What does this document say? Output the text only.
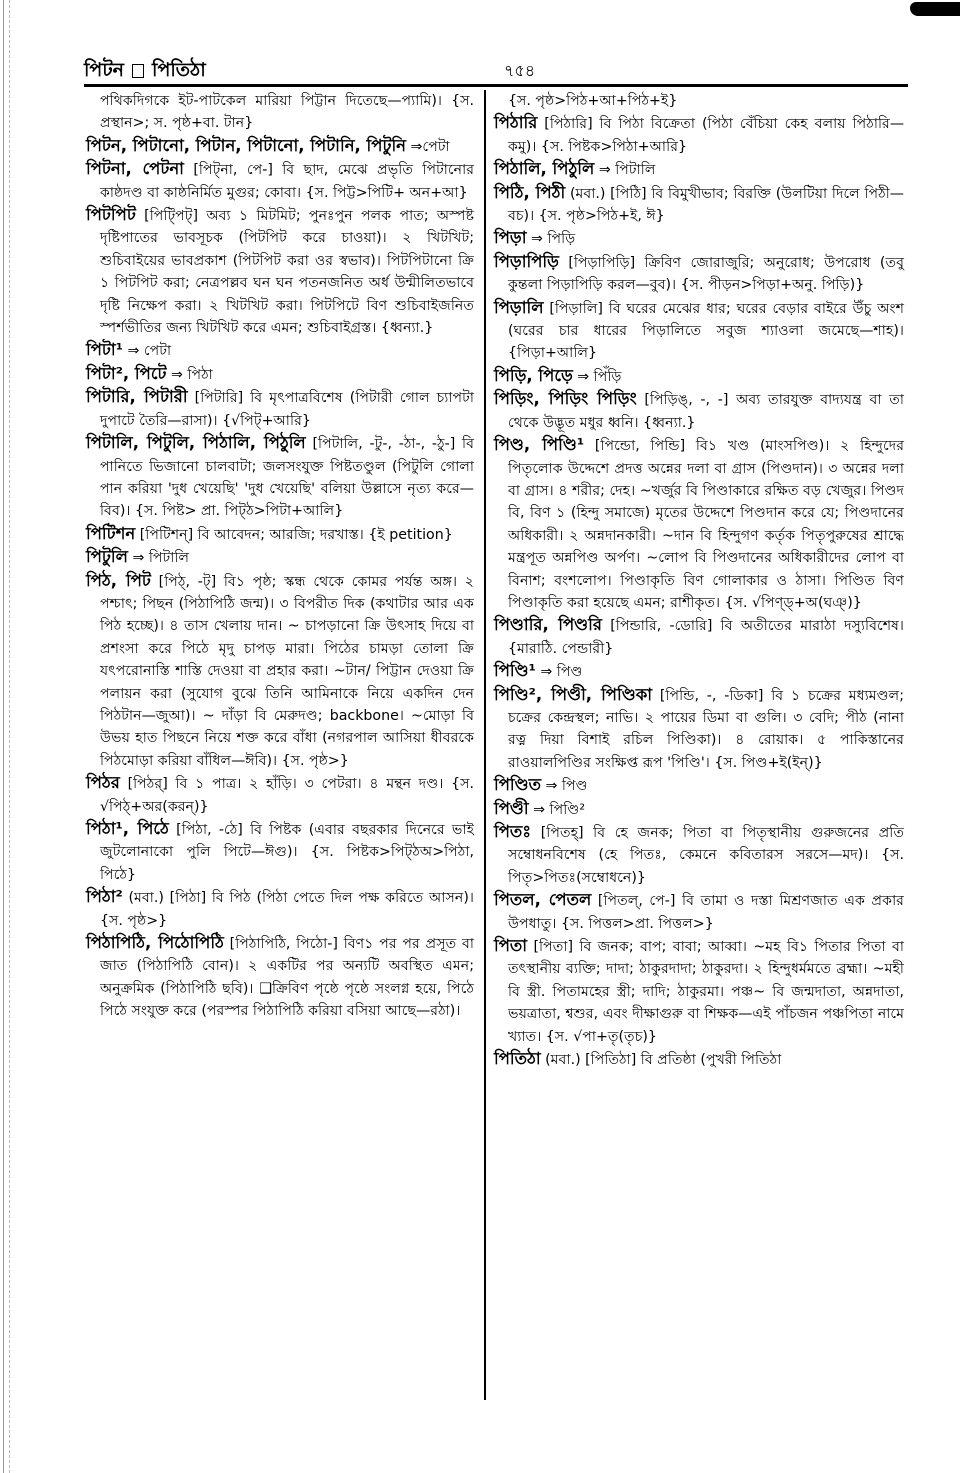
পিটন পিতিঠা	৭৫৪

পথিকদিগকে ইট-পাটকেল মারিয়া পিট্টান দিতেছে—প্যামি)। {স. প্রস্থান>; স. পৃষ্ঠ+বা. টান}

পিটন, পিটানো, পিটান, পিটানো, পিটানি, পিটুনি ⇒পেটা

পিটনা, পেটনা [পিট্না, পে-] বি ছাদ, মেঝে প্রভৃতি পিটানোর কাষ্ঠদণ্ড বা কাষ্ঠনির্মিত মুগুর; কোবা। {স. পিট্ট>পিটি+ অন+আ}

পিটপিট [পিট্পিট্] অব্য ১ মিটমিট; পুনঃপুন পলক পাত; অস্পষ্ট দৃষ্টিপাতের ভাবসূচক (পিটপিট করে চাওয়া)। ২ খিটখিট; শুচিবাইয়ের ভাবপ্রকাশ (পিটপিট করা ওর স্বভাব)। পিটপিটানো ক্রি ১ পিটপিট করা; নেত্রপল্লব ঘন ঘন পতনজনিত অর্ধ উন্মীলিতভাবে দৃষ্টি নিক্ষেপ করা। ২ খিটখিট করা। পিটপিটে বিণ শুচিবাইজনিত স্পর্শভীতির জন্য খিটখিট করে এমন; শুচিবাইগ্রস্ত। {ধ্বন্যা.}

পিটা¹ ⇒ পেটা

পিটা², পিটে ⇒ পিঠা

পিটারি, পিটারী [পিটারি] বি মৃৎপাত্রবিশেষ (পিটারী গোল চ্যাপটা দুপাটে তৈরি—রাসা)। {√পিট্+আরি}

পিটালি, পিটুলি, পিঠালি, পিঠুলি [পিটালি, -টু-, -ঠা-, -ঠু-] বি পানিতে ভিজানো চালবাটা; জলসংযুক্ত পিষ্টতণ্ডুল (পিটুলি গোলা পান করিয়া 'দুধ খেয়েছি' 'দুধ খেয়েছি' বলিয়া উল্লাসে নৃত্য করে—বিব)। {স. পিষ্ট> প্রা. পিট্ঠ>পিটা+আলি}

পিটিশন [পিটিশন্] বি আবেদন; আরজি; দরখাস্ত। {ই petition}

পিটুলি ⇒ পিটালি

পিঠ, পিট [পিঠ্, -ট্] বি১ পৃষ্ঠ; স্কন্ধ থেকে কোমর পর্যন্ত অঙ্গ। ২ পশ্চাৎ; পিছন (পিঠাপিঠি জন্ম)। ৩ বিপরীত দিক (কথাটার আর এক পিঠ হচ্ছে)। ৪ তাস খেলায় দান। ~ চাপড়ানো ক্রি উৎসাহ দিয়ে বা প্রশংসা করে পিঠে মৃদু চাপড় মারা। পিঠের চামড়া তোলা ক্রি যৎপরোনাস্তি শাস্তি দেওয়া বা প্রহার করা। ~টান/ পিট্টান দেওয়া ক্রি পলায়ন করা (সুযোগ বুঝে তিনি আমিনাকে নিয়ে একদিন দেন পিঠটান—জুআ)। ~ দাঁড়া বি মেরুদণ্ড; backbone। ~মোড়া বি উভয় হাত পিছনে নিয়ে শক্ত করে বাঁধা (নগরপাল আসিয়া ধীবরকে পিঠমোড়া করিয়া বাঁধিল—ঈবি)। {স. পৃষ্ঠ>}

পিঠর [পিঠর্] বি ১ পাত্র। ২ হাঁড়ি। ৩ পেটরা। ৪ মন্থন দণ্ড। {স. √পিঠ্+অর(করন্)}

পিঠা¹, পিঠে [পিঠা, -ঠে] বি পিষ্টক (এবার বছরকার দিনেরে ভাই জুটলোনাকো পুলি পিটে—ঈগু)। {স. পিষ্টক>পিট্ঠঅ>পিঠা, পিঠে}

পিঠা² (মবা.) [পিঠা] বি পিঠ (পিঠা পেতে দিল পক্ষ করিতে আসন)। {স. পৃষ্ঠ>}

পিঠাপিঠি, পিঠোপিঠি [পিঠাপিঠি, পিঠো-] বিণ১ পর পর প্রসূত বা জাত (পিঠাপিঠি বোন)। ২ একটির পর অন্যটি অবস্থিত এমন; অনুক্রমিক (পিঠাপিঠি ছবি)। ❑ক্রিবিণ পৃষ্ঠে পৃষ্ঠে সংলগ্ন হয়ে, পিঠে পিঠে সংযুক্ত করে (পরস্পর পিঠাপিঠি করিয়া বসিয়া আছে—রঠা)।

{স. পৃষ্ঠ>পিঠ+আ+পিঠ+ই}

পিঠারি [পিঠারি] বি পিঠা বিক্রেতা (পিঠা বেঁচিয়া কেহ বলায় পিঠারি—কমু)। {স. পিষ্টক>পিঠা+আরি}

পিঠালি, পিঠুলি ⇒ পিটালি

পিঠি, পিঠী (মবা.) [পিঠি] বি বিমুখীভাব; বিরক্তি (উলটিয়া দিলে পিঠী—বচ)। {স. পৃষ্ঠ>পিঠ+ই, ঈ}

পিড়া ⇒ পিড়ি

পিড়াপিড়ি [পিড়াপিড়ি] ক্রিবিণ জোরাজুরি; অনুরোধ; উপরোধ (তবু কুন্তলা পিড়াপিড়ি করল—বুব)। {স. পীড়ন>পিড়া+অনু. পিড়ি)}

পিড়ালি [পিড়ালি] বি ঘরের মেঝের ধার; ঘরের বেড়ার বাইরে উঁচু অংশ (ঘরের চার ধারের পিড়ালিতে সবুজ শ্যাওলা জমেছে—শাহ)। {পিড়া+আলি}

পিড়ি, পিড়ে ⇒ পিঁড়ি

পিড়িং, পিড়িং পিড়িং [পিড়িঙ্, -, -] অব্য তারযুক্ত বাদ্যযন্ত্র বা তা থেকে উদ্ভূত মধুর ধ্বনি। {ধ্বন্যা.}

পিণ্ড, পিণ্ডি¹ [পিন্ডো, পিন্ডি] বি১ খণ্ড (মাংসপিণ্ড)। ২ হিন্দুদের পিতৃলোক উদ্দেশে প্রদত্ত অন্নের দলা বা গ্রাস (পিণ্ডদান)। ৩ অন্নের দলা বা গ্রাস। ৪ শরীর; দেহ। ~খর্জুর বি পিণ্ডাকারে রক্ষিত বড় খেজুর। পিণ্ডদ বি, বিণ ১ (হিন্দু সমাজে) মৃতের উদ্দেশে পিণ্ডদান করে যে; পিণ্ডদানের অধিকারী। ২ অন্নদানকারী। ~দান বি হিন্দুগণ কর্তৃক পিতৃপুরুষের শ্রাদ্ধে মন্ত্রপূত অন্নপিণ্ড অর্পণ। ~লোপ বি পিণ্ডদানের অধিকারীদের লোপ বা বিনাশ; বংশলোপ। পিণ্ডাকৃতি বিণ গোলাকার ও ঠাসা। পিণ্ডিত বিণ পিণ্ডাকৃতি করা হয়েছে এমন; রাশীকৃত। {স. √পিণ্ড্+অ(ঘঞ্)}

পিণ্ডারি, পিণ্ডরি [পিন্ডারি, -ডোরি] বি অতীতের মারাঠা দস্যুবিশেষ। {মারাঠি. পেন্ডারী}

পিণ্ডি¹ ⇒ পিণ্ড

পিণ্ডি², পিণ্ডী, পিণ্ডিকা [পিন্ডি, -, -ডিকা] বি ১ চক্রের মধ্যমণ্ডল; চক্রের কেন্দ্রস্থল; নাভি। ২ পায়ের ডিমা বা গুলি। ৩ বেদি; পীঠ (নানা রত্ন দিয়া বিশাই রচিল পিণ্ডিকা)। ৪ রোয়াক। ৫ পাকিস্তানের রাওয়ালপিণ্ডির সংক্ষিপ্ত রূপ 'পিণ্ডি'। {স. পিণ্ড+ই(ইন্)}

পিণ্ডিত ⇒ পিণ্ড

পিণ্ডী ⇒ পিণ্ডি²

পিতঃ [পিতহ্] বি হে জনক; পিতা বা পিতৃস্থানীয় গুরুজনের প্রতি সম্বোধনবিশেষ (হে পিতঃ, কেমনে কবিতারস সরসে—মদ)। {স. পিতৃ>পিতঃ(সম্বোধনে)}

পিতল, পেতল [পিতল্, পে-] বি তামা ও দস্তা মিশ্রণজাত এক প্রকার উপধাতু। {স. পিত্তল>প্রা. পিত্তল>}

পিতা [পিতা] বি জনক; বাপ; বাবা; আব্বা। ~মহ বি১ পিতার পিতা বা তৎস্থানীয় ব্যক্তি; দাদা; ঠাকুরদাদা; ঠাকুরদা। ২ হিন্দুধর্মমতে ব্রহ্মা। ~মহী বি স্ত্রী. পিতামহের স্ত্রী; দাদি; ঠাকুরমা। পঞ্চ~ বি জন্মদাতা, অন্নদাতা, ভয়ত্রাতা, শ্বশুর, এবং দীক্ষাগুরু বা শিক্ষক—এই পাঁচজন পঞ্চপিতা নামে খ্যাত। {স. √পা+তৃ(তৃচ)}

পিতিঠা (মবা.) [পিতিঠা] বি প্রতিষ্ঠা (পুখরী পিতিঠা
